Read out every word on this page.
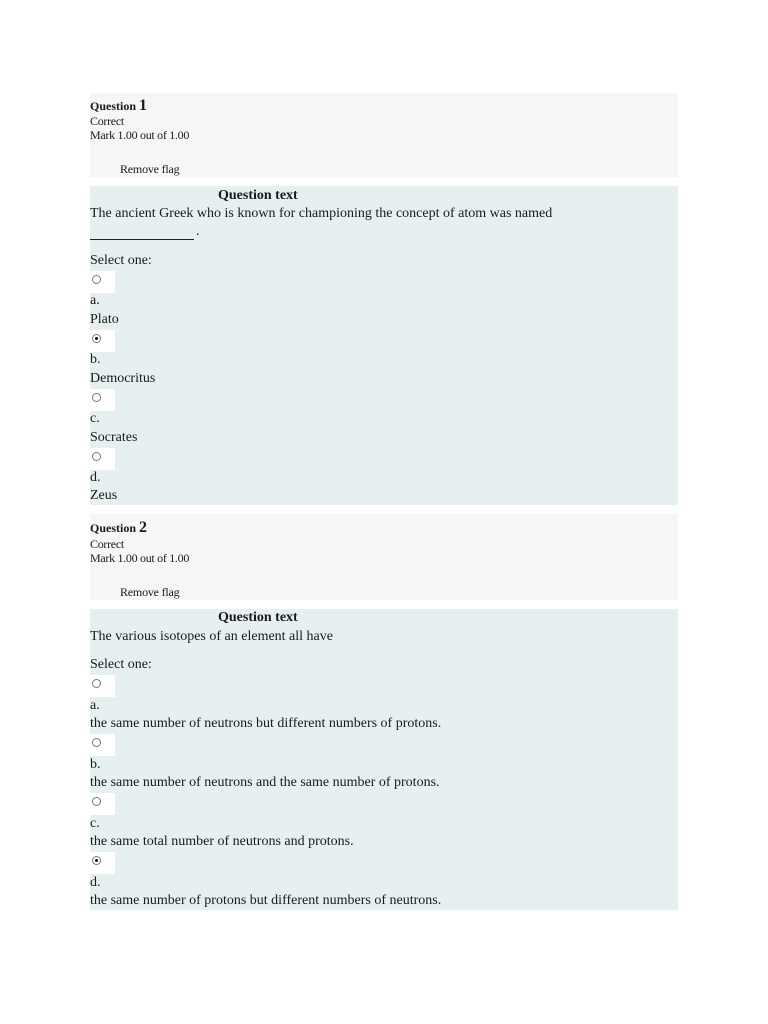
Question 1
Correct
Mark 1.00 out of 1.00
Remove flag
Question text
The ancient Greek who is known for championing the concept of atom was named
.
Select one:
a.
Plato
b.
Democritus
c.
Socrates
d.
Zeus
Question 2
Correct
Mark 1.00 out of 1.00
Remove flag
Question text
The various isotopes of an element all have
Select one:
a.
the same number of neutrons but different numbers of protons.
b.
the same number of neutrons and the same number of protons.
c.
the same total number of neutrons and protons.
d.
the same number of protons but different numbers of neutrons.
